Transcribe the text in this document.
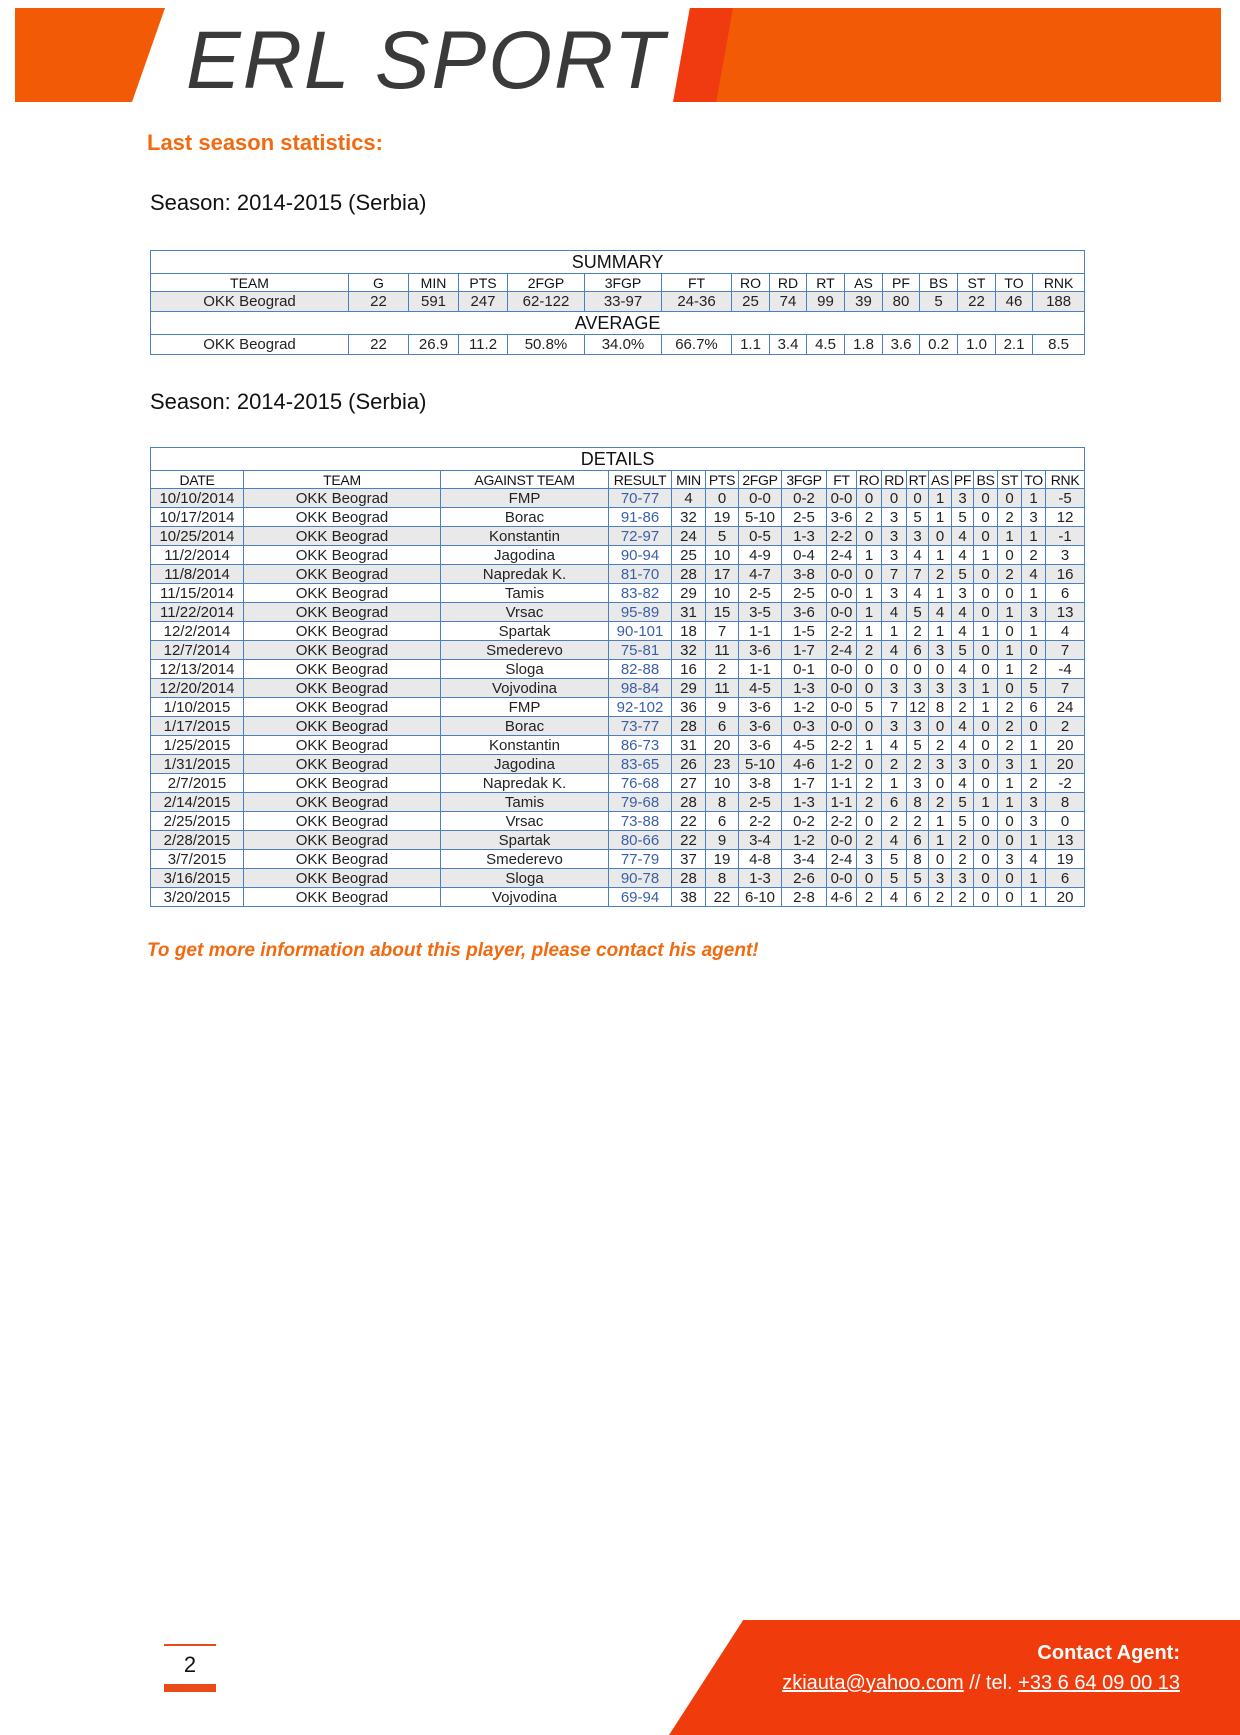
ERL SPORT
Last season statistics:
Season: 2014-2015 (Serbia)
SUMMARY															
TEAM	G	MIN	PTS	2FGP	3FGP	FT	RO	RD	RT	AS	PF	BS	ST	TO	RNK
OKK Beograd	22	591	247	62-122	33-97	24-36	25	74	99	39	80	5	22	46	188
AVERAGE															
OKK Beograd	22	26.9	11.2	50.8%	34.0%	66.7%	1.1	3.4	4.5	1.8	3.6	0.2	1.0	2.1	8.5
Season: 2014-2015 (Serbia)
DETAILS																	
DATE	TEAM	AGAINST TEAM	RESULT	MIN	PTS	2FGP	3FGP	FT	RO	RD	RT	AS	PF	BS	ST	TO	RNK
10/10/2014	OKK Beograd	FMP	70-77	4	0	0-0	0-2	0-0	0	0	0	1	3	0	0	1	-5
10/17/2014	OKK Beograd	Borac	91-86	32	19	5-10	2-5	3-6	2	3	5	1	5	0	2	3	12
10/25/2014	OKK Beograd	Konstantin	72-97	24	5	0-5	1-3	2-2	0	3	3	0	4	0	1	1	-1
11/2/2014	OKK Beograd	Jagodina	90-94	25	10	4-9	0-4	2-4	1	3	4	1	4	1	0	2	3
11/8/2014	OKK Beograd	Napredak K.	81-70	28	17	4-7	3-8	0-0	0	7	7	2	5	0	2	4	16
11/15/2014	OKK Beograd	Tamis	83-82	29	10	2-5	2-5	0-0	1	3	4	1	3	0	0	1	6
11/22/2014	OKK Beograd	Vrsac	95-89	31	15	3-5	3-6	0-0	1	4	5	4	4	0	1	3	13
12/2/2014	OKK Beograd	Spartak	90-101	18	7	1-1	1-5	2-2	1	1	2	1	4	1	0	1	4
12/7/2014	OKK Beograd	Smederevo	75-81	32	11	3-6	1-7	2-4	2	4	6	3	5	0	1	0	7
12/13/2014	OKK Beograd	Sloga	82-88	16	2	1-1	0-1	0-0	0	0	0	0	4	0	1	2	-4
12/20/2014	OKK Beograd	Vojvodina	98-84	29	11	4-5	1-3	0-0	0	3	3	3	3	1	0	5	7
1/10/2015	OKK Beograd	FMP	92-102	36	9	3-6	1-2	0-0	5	7	12	8	2	1	2	6	24
1/17/2015	OKK Beograd	Borac	73-77	28	6	3-6	0-3	0-0	0	3	3	0	4	0	2	0	2
1/25/2015	OKK Beograd	Konstantin	86-73	31	20	3-6	4-5	2-2	1	4	5	2	4	0	2	1	20
1/31/2015	OKK Beograd	Jagodina	83-65	26	23	5-10	4-6	1-2	0	2	2	3	3	0	3	1	20
2/7/2015	OKK Beograd	Napredak K.	76-68	27	10	3-8	1-7	1-1	2	1	3	0	4	0	1	2	-2
2/14/2015	OKK Beograd	Tamis	79-68	28	8	2-5	1-3	1-1	2	6	8	2	5	1	1	3	8
2/25/2015	OKK Beograd	Vrsac	73-88	22	6	2-2	0-2	2-2	0	2	2	1	5	0	0	3	0
2/28/2015	OKK Beograd	Spartak	80-66	22	9	3-4	1-2	0-0	2	4	6	1	2	0	0	1	13
3/7/2015	OKK Beograd	Smederevo	77-79	37	19	4-8	3-4	2-4	3	5	8	0	2	0	3	4	19
3/16/2015	OKK Beograd	Sloga	90-78	28	8	1-3	2-6	0-0	0	5	5	3	3	0	0	1	6
3/20/2015	OKK Beograd	Vojvodina	69-94	38	22	6-10	2-8	4-6	2	4	6	2	2	0	0	1	20
To get more information about this player, please contact his agent!
2	Contact Agent:
zkiauta@yahoo.com // tel. +33 6 64 09 00 13
